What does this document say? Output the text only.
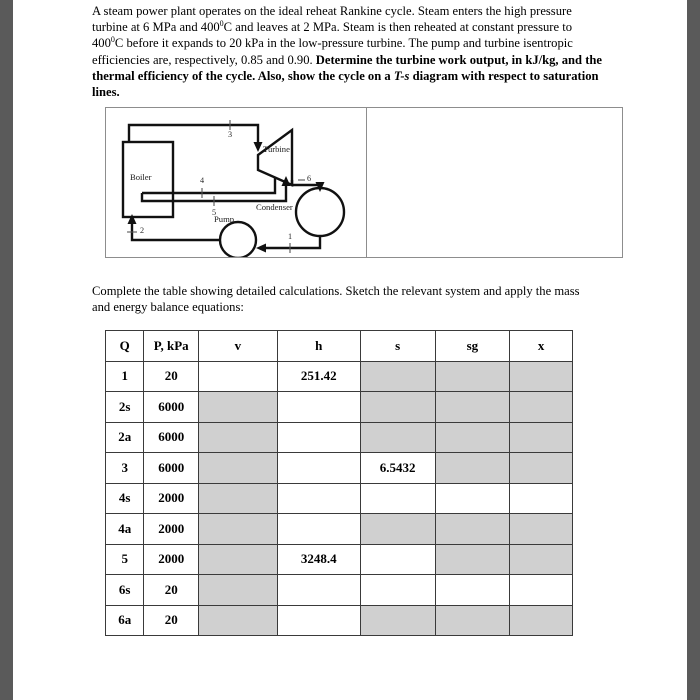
A steam power plant operates on the ideal reheat Rankine cycle. Steam enters the high pressure turbine at 6 MPa and $400^0C$ and leaves at 2 MPa. Steam is then reheated at constant pressure to $400^0C$ before it expands to 20 kPa in the low-pressure turbine. The pump and turbine isentropic efficiencies are, respectively, 0.85 and 0.90. Determine the turbine work output, in kJ/kg, and the thermal efficiency of the cycle. Also, show the cycle on a T-s diagram with respect to saturation lines.
Boiler
Turbine
Condenser
Pump
3
4
5
6
1
2
Complete the table showing detailed calculations. Sketch the relevant system and apply the mass and energy balance equations:
Q	P, kPa	v	h	s	sg	x
1	20		251.42			
2s	6000					
2a	6000					
3	6000			6.5432		
4s	2000					
4a	2000					
5	2000		3248.4			
6s	20					
6a	20					
